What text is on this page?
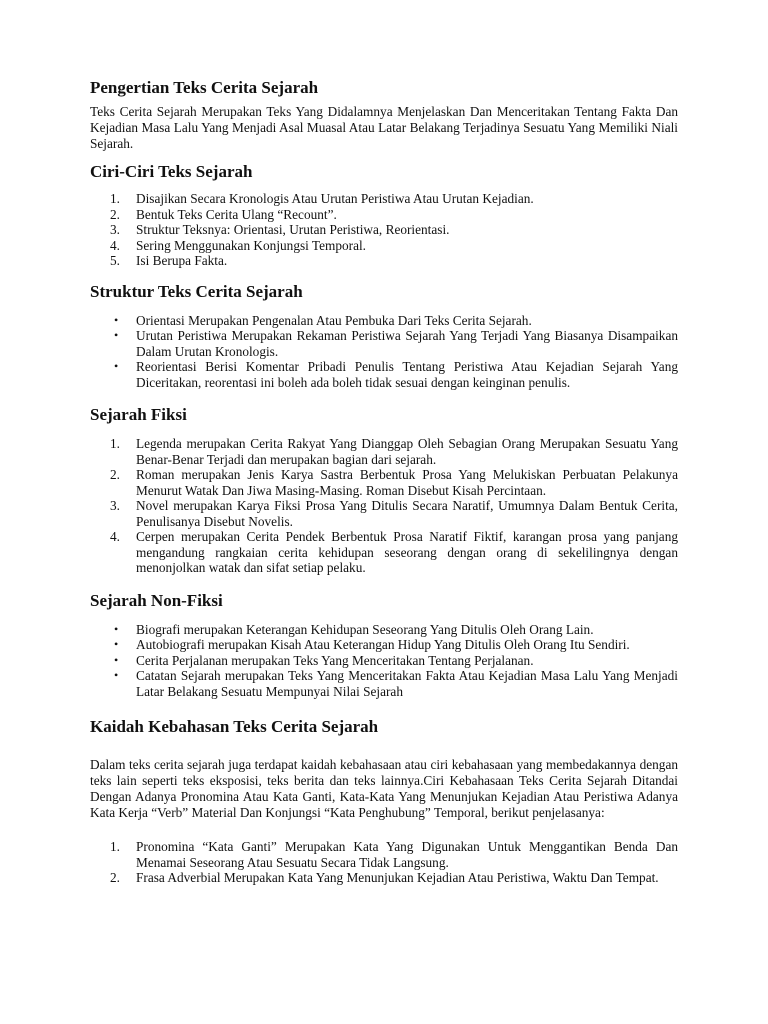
Pengertian Teks Cerita Sejarah

Teks Cerita Sejarah Merupakan Teks Yang Didalamnya Menjelaskan Dan Menceritakan Tentang Fakta Dan Kejadian Masa Lalu Yang Menjadi Asal Muasal Atau Latar Belakang Terjadinya Sesuatu Yang Memiliki Niali Sejarah.

Ciri-Ciri Teks Sejarah
1.	Disajikan Secara Kronologis Atau Urutan Peristiwa Atau Urutan Kejadian.
2.	Bentuk Teks Cerita Ulang “Recount”.
3.	Struktur Teksnya: Orientasi, Urutan Peristiwa, Reorientasi.
4.	Sering Menggunakan Konjungsi Temporal.
5.	Isi Berupa Fakta.
Struktur Teks Cerita Sejarah
•	Orientasi Merupakan Pengenalan Atau Pembuka Dari Teks Cerita Sejarah.
•	Urutan Peristiwa Merupakan Rekaman Peristiwa Sejarah Yang Terjadi Yang Biasanya Disampaikan Dalam Urutan Kronologis.
•	Reorientasi Berisi Komentar Pribadi Penulis Tentang Peristiwa Atau Kejadian Sejarah Yang Diceritakan, reorentasi ini boleh ada boleh tidak sesuai dengan keinginan penulis.
Sejarah Fiksi
1.	Legenda merupakan Cerita Rakyat Yang Dianggap Oleh Sebagian Orang Merupakan Sesuatu Yang Benar-Benar Terjadi dan merupakan bagian dari sejarah.
2.	Roman merupakan Jenis Karya Sastra Berbentuk Prosa Yang Melukiskan Perbuatan Pelakunya Menurut Watak Dan Jiwa Masing-Masing. Roman Disebut Kisah Percintaan.
3.	Novel merupakan Karya Fiksi Prosa Yang Ditulis Secara Naratif, Umumnya Dalam Bentuk Cerita, Penulisanya Disebut Novelis.
4.	Cerpen merupakan Cerita Pendek Berbentuk Prosa Naratif Fiktif, karangan prosa yang panjang mengandung rangkaian cerita kehidupan seseorang dengan orang di sekelilingnya dengan menonjolkan watak dan sifat setiap pelaku.
Sejarah Non-Fiksi
•	Biografi merupakan Keterangan Kehidupan Seseorang Yang Ditulis Oleh Orang Lain.
•	Autobiografi merupakan Kisah Atau Keterangan Hidup Yang Ditulis Oleh Orang Itu Sendiri.
•	Cerita Perjalanan merupakan Teks Yang Menceritakan Tentang Perjalanan.
•	Catatan Sejarah merupakan Teks Yang Menceritakan Fakta Atau Kejadian Masa Lalu Yang Menjadi Latar Belakang Sesuatu Mempunyai Nilai Sejarah
Kaidah Kebahasan Teks Cerita Sejarah

Dalam teks cerita sejarah juga terdapat kaidah kebahasaan atau ciri kebahasaan yang membedakannya dengan teks lain seperti teks eksposisi, teks berita dan teks lainnya.Ciri Kebahasaan Teks Cerita Sejarah Ditandai Dengan Adanya Pronomina Atau Kata Ganti, Kata-Kata Yang Menunjukan Kejadian Atau Peristiwa Adanya Kata Kerja “Verb” Material Dan Konjungsi “Kata Penghubung” Temporal, berikut penjelasanya:

1.	Pronomina “Kata Ganti” Merupakan Kata Yang Digunakan Untuk Menggantikan Benda Dan Menamai Seseorang Atau Sesuatu Secara Tidak Langsung.
2.	Frasa Adverbial Merupakan Kata Yang Menunjukan Kejadian Atau Peristiwa, Waktu Dan Tempat.
